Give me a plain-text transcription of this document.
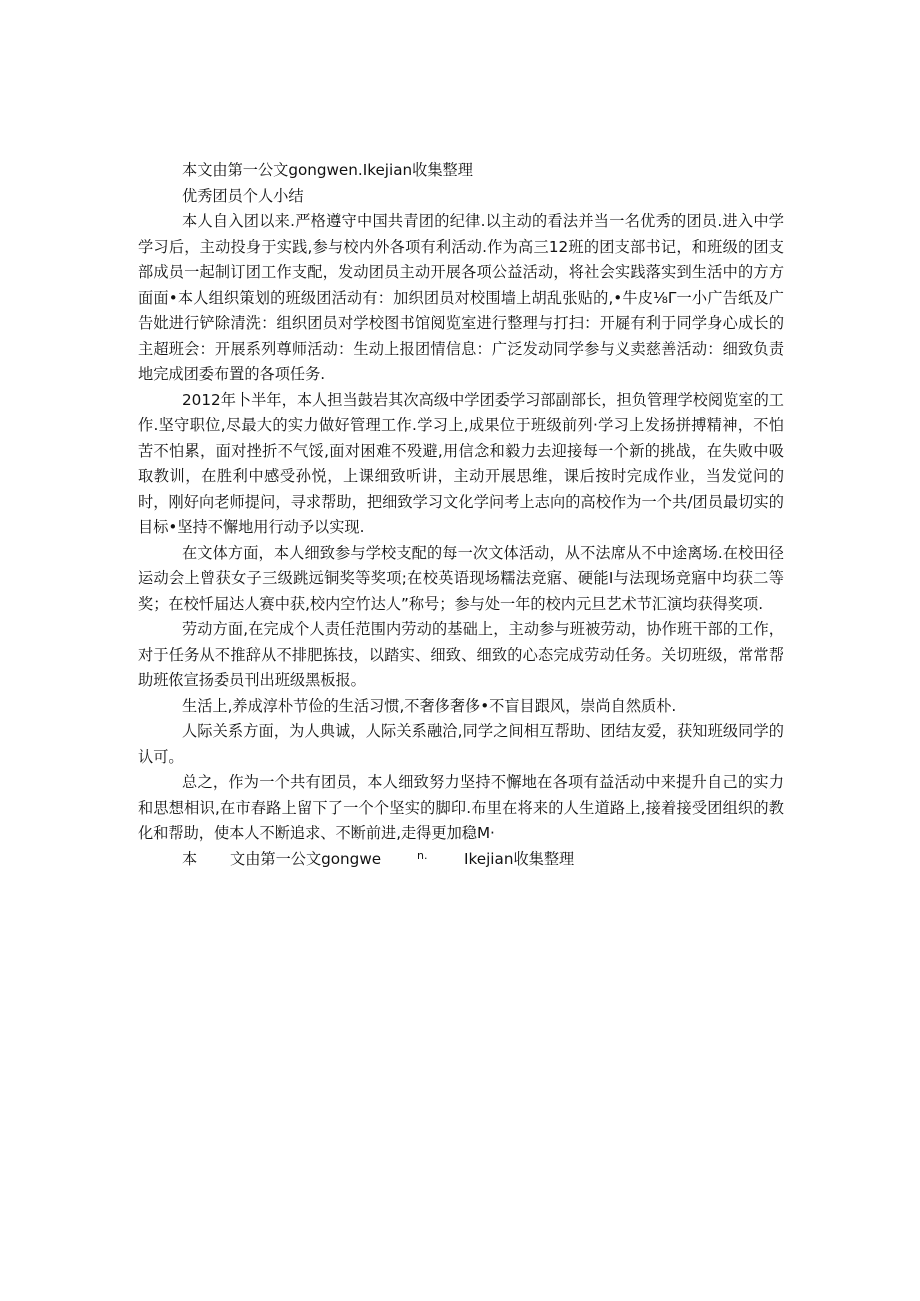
本文由第一公文gongwen.Ikejian收集整理

优秀团员个人小结

本人自入团以来.严格遵守中国共青团的纪律.以主动的看法并当一名优秀的团员.进入中学学习后，主动投身于实践,参与校内外各项有利活动.作为高三12班的团支部书记，和班级的团支部成员一起制订团工作支配，发动团员主动开展各项公益活动，将社会实践落实到生活中的方方面面•本人组织策划的班级团活动有：加织团员对校围墙上胡乱张贴的,•牛皮⅛Γ一小广告纸及广告妣进行铲除清洗：组织团员对学校图书馆阅览室进行整理与打扫：开屣有利于同学身心成长的主超班会：开展系列尊师活动：生动上报团情信息：广泛发动同学参与义卖慈善活动：细致负责地完成团委布置的各项任务.

2012年卜半年，本人担当鼓岩其次高级中学团委学习部副部长，担负管理学校阅览室的工作.坚守职位,尽最大的实力做好管理工作.学习上,成果位于班级前列·学习上发扬拼搏精神，不怕苦不怕累，面对挫折不气馁,面对困难不殁避,用信念和毅力去迎接每一个新的挑战，在失败中吸取教训，在胜利中感受孙悦，上课细致听讲，主动开展思维，课后按时完成作业，当发觉问的时，刚好向老师提问，寻求帮助，把细致学习文化学问考上志向的高校作为一个共/团员最切实的目标•坚持不懈地用行动予以实现.

在文体方面，本人细致参与学校支配的每一次文体活动，从不法席从不中途离场.在校田径运动会上曾获女子三级跳远铜奖等奖项;在校英语现场糯法竞寤、硬能I与法现场竞寤中均获二等奖；在校忏届达人赛中获,校内空竹达人”称号；参与处一年的校内元旦艺术节汇演均获得奖项.

劳动方面,在完成个人责任范围内劳动的基础上，主动参与班被劳动，协作班干部的工作，对于任务从不推辞从不排肥拣技，以踏实、细致、细致的心态完成劳动任务。关切班级，常常帮助班侬宣扬委员刊出班级黑板报。

生活上,养成淳朴节俭的生活习惯,不奢侈奢侈•不盲目跟风，崇尚自然质朴.

人际关系方面，为人典诚，人际关系融洽,同学之间相互帮助、团结友爱，获知班级同学的认可。

总之，作为一个共有团员，本人细致努力坚持不懈地在各项有益活动中来提升自己的实力和思想相识,在市春路上留下了一个个坚实的脚印.布里在将来的人生道路上,接着接受团组织的教化和帮助，使本人不断追求、不断前进,走得更加稳M·

本 文由第一公文gongwe	n. Ikejian收集整理
